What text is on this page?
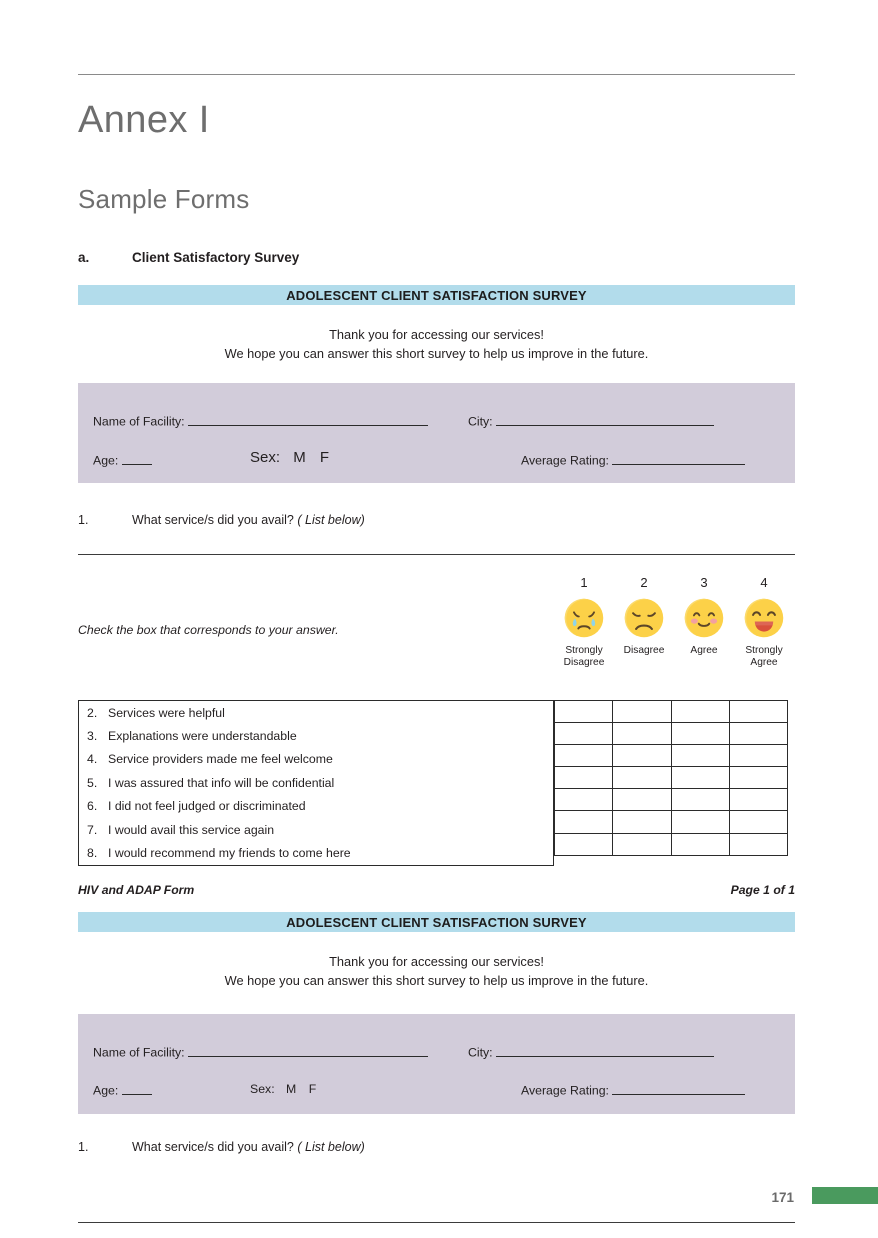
Annex I
Sample Forms
a.	Client Satisfactory Survey
ADOLESCENT CLIENT SATISFACTION SURVEY
Thank you for accessing our services!
We hope you can answer this short survey to help us improve in the future.
Name of Facility:	City:
Age:	Sex: M F	Average Rating:
1.	What service/s did you avail? ( List below)
Check the box that corresponds to your answer.
1
Strongly
Disagree
2
Disagree
3
Agree
4
Strongly
Agree
2. Services were helpful
3. Explanations were understandable
4. Service providers made me feel welcome
5. I was assured that info will be confidential
6. I did not feel judged or discriminated
7. I would avail this service again
8. I would recommend my friends to come here
HIV and ADAP Form	Page 1 of 1
ADOLESCENT CLIENT SATISFACTION SURVEY
Thank you for accessing our services!
We hope you can answer this short survey to help us improve in the future.
Name of Facility:	City:
Age:	Sex: M F	Average Rating:
1.	What service/s did you avail? ( List below)
171
